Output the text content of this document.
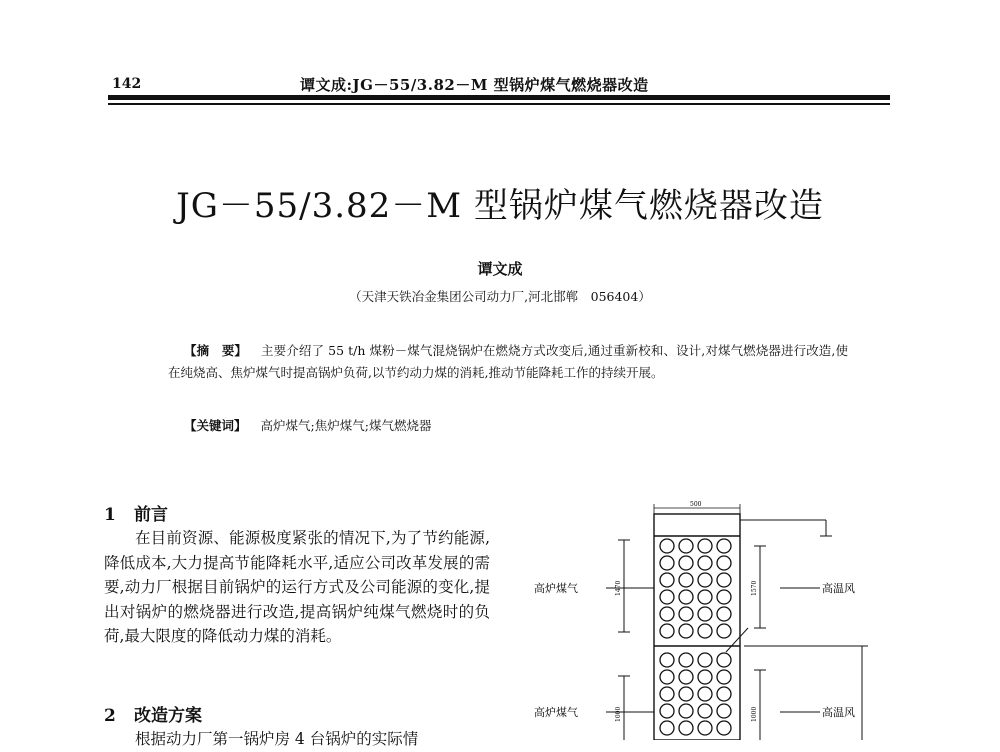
142	谭文成:JG－55/3.82－M 型锅炉煤气燃烧器改造
JG－55/3.82－M 型锅炉煤气燃烧器改造
谭文成
（天津天铁冶金集团公司动力厂,河北邯郸　056404）
【摘　要】 主要介绍了 55 t/h 煤粉－煤气混烧锅炉在燃烧方式改变后,通过重新校和、设计,对煤气燃烧器进行改造,使在纯烧高、焦炉煤气时提高锅炉负荷,以节约动力煤的消耗,推动节能降耗工作的持续开展。
【关键词】 高炉煤气;焦炉煤气;煤气燃烧器
1 前言
在目前资源、能源极度紧张的情况下,为了节约能源,降低成本,大力提高节能降耗水平,适应公司改革发展的需要,动力厂根据目前锅炉的运行方式及公司能源的变化,提出对锅炉的燃烧器进行改造,提高锅炉纯煤气燃烧时的负荷,最大限度的降低动力煤的消耗。
2 改造方案
根据动力厂第一锅炉房 4 台锅炉的实际情
高炉煤气	高温风
高炉煤气	高温风
500
1470	1570
1000	1000
